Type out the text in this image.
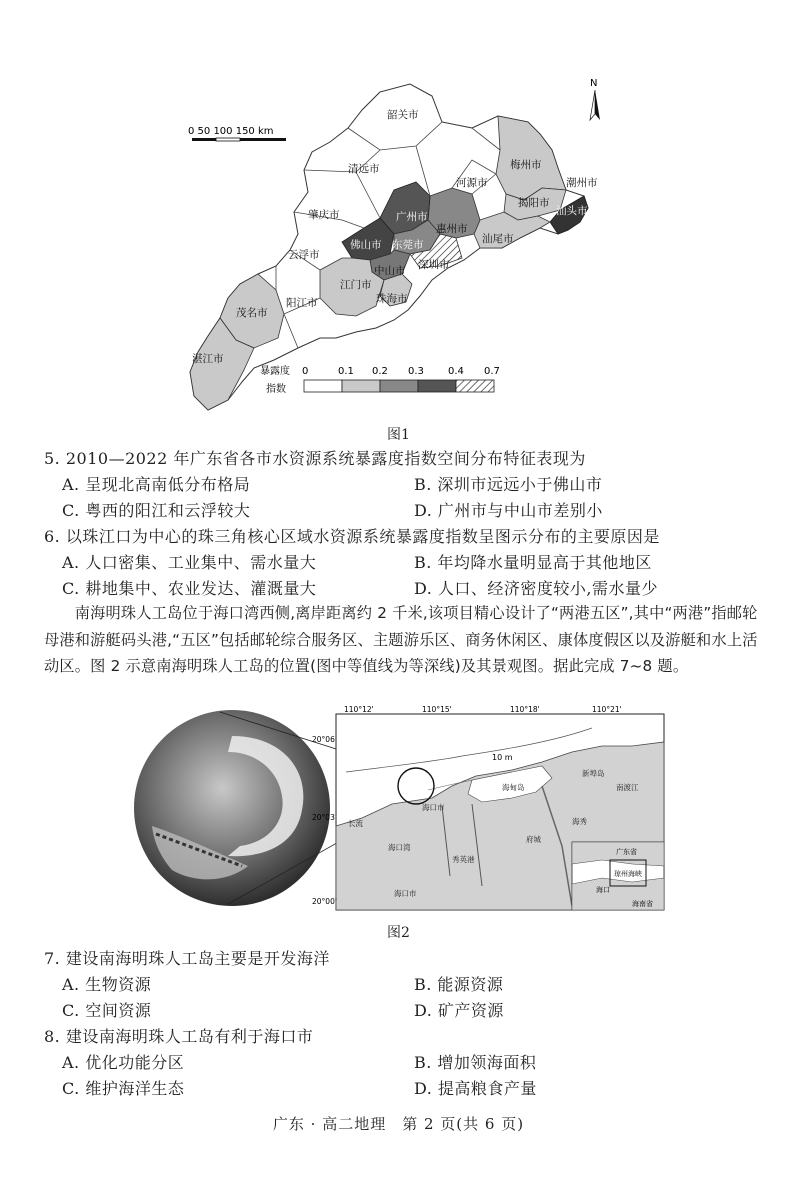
0 50 100 150 km
N
韶关市
清远市
河源市
梅州市
潮州市
揭阳市
汕头市
汕尾市
肇庆市	广州市
惠州市
佛山市 东莞市
云浮市
中山市 深圳市
江门市
珠海市
阳江市
茂名市
湛江市
暴露度
指数
0	0.1 0.2 0.3 0.4 0.7
图1
5. 2010—2022 年广东省各市水资源系统暴露度指数空间分布特征表现为
A. 呈现北高南低分布格局	B. 深圳市远远小于佛山市
C. 粤西的阳江和云浮较大	D. 广州市与中山市差别小
6. 以珠江口为中心的珠三角核心区域水资源系统暴露度指数呈图示分布的主要原因是
A. 人口密集、工业集中、需水量大	B. 年均降水量明显高于其他地区
C. 耕地集中、农业发达、灌溉量大	D. 人口、经济密度较小,需水量少

　　南海明珠人工岛位于海口湾西侧,离岸距离约 2 千米,该项目精心设计了“两港五区”,其中“两港”指邮轮母港和游艇码头港,“五区”包括邮轮综合服务区、主题游乐区、商务休闲区、康体度假区以及游艇和水上活动区。图 2 示意南海明珠人工岛的位置(图中等值线为等深线)及其景观图。据此完成 7~8 题。

110°12'	110°15'	110°18'	110°21'
20°06'
20°03'
20°00'
10 m
海甸岛
新埠岛
南渡江
长流
海口市
海口湾
海秀
秀英港
府城
海口市
广东省
琼州海峡
海口
海南省
图2
7. 建设南海明珠人工岛主要是开发海洋
A. 生物资源	B. 能源资源
C. 空间资源	D. 矿产资源
8. 建设南海明珠人工岛有利于海口市
A. 优化功能分区	B. 增加领海面积
C. 维护海洋生态	D. 提高粮食产量
广东 · 高二地理　第 2 页(共 6 页)
